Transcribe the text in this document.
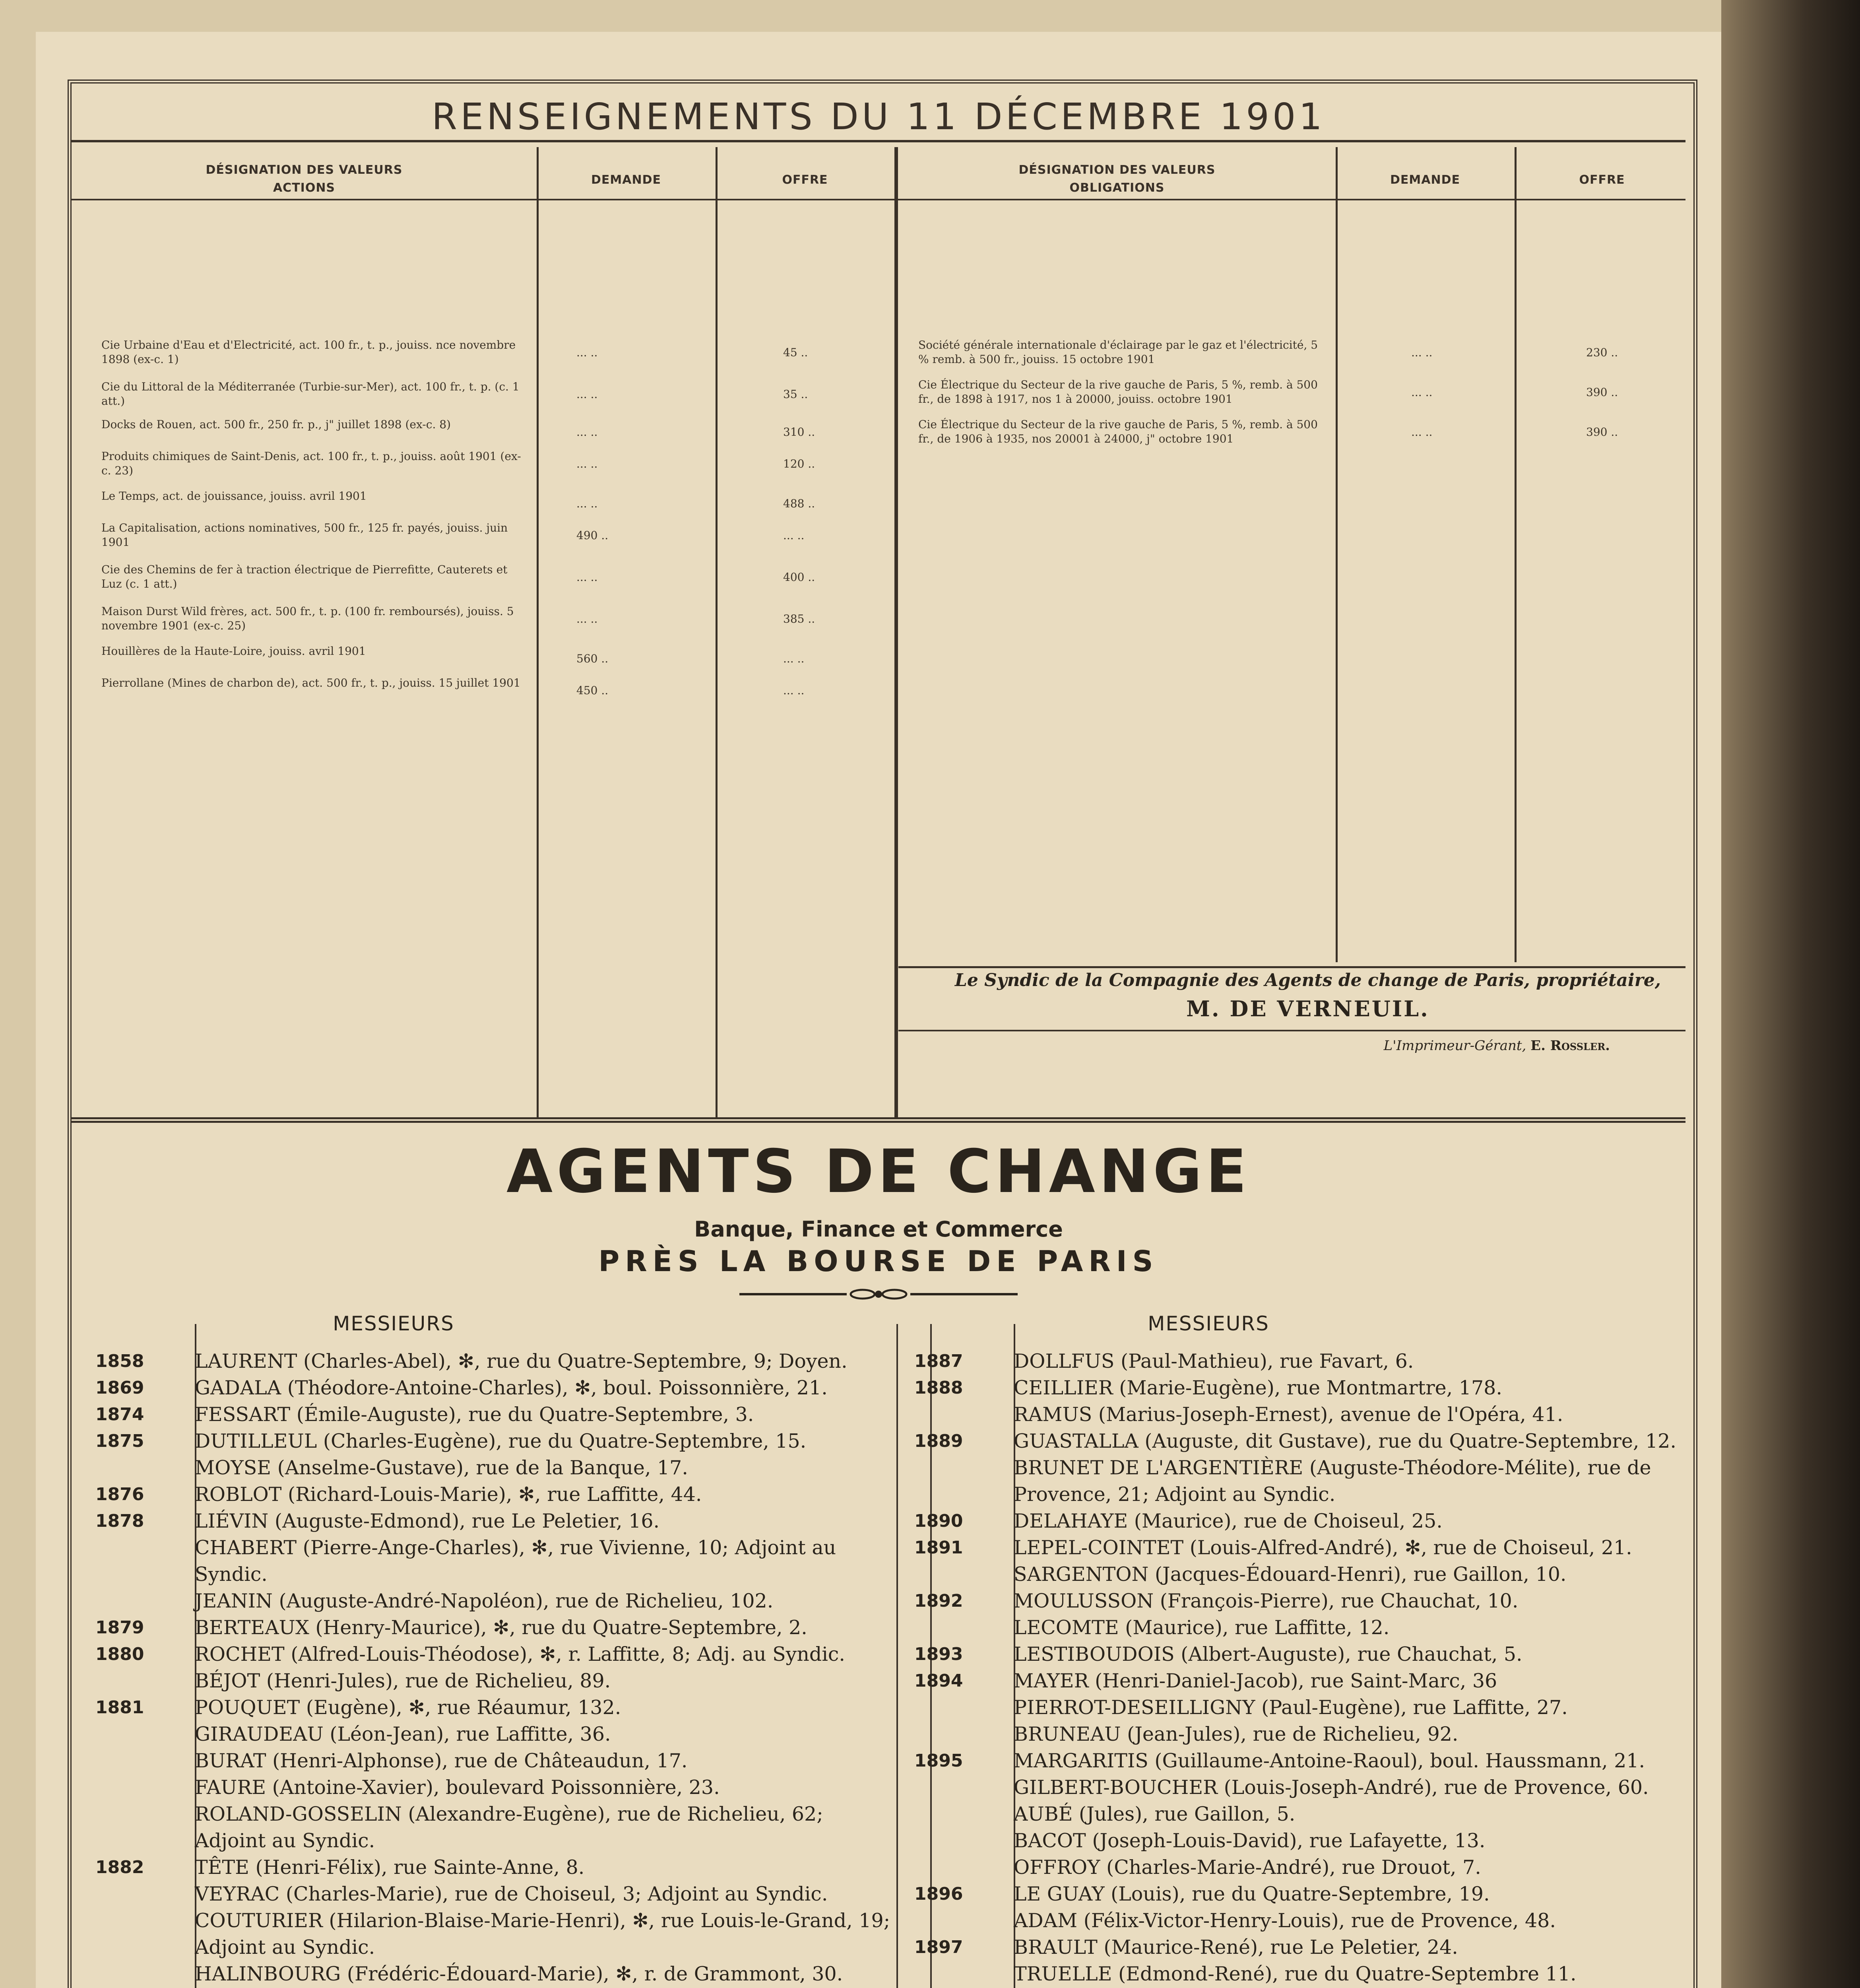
RENSEIGNEMENTS DU 11 DÉCEMBRE 1901
DÉSIGNATION DES VALEURS
ACTIONS
DEMANDE	OFFRE
Cie Urbaine d'Eau et d'Electricité, act. 100 fr., t. p., jouiss. nce novembre 1898 (ex-c. 1)
... ..	45 ..
Cie du Littoral de la Méditerranée (Turbie-sur-Mer), act. 100 fr., t. p. (c. 1 att.)
... ..	35 ..
Docks de Rouen, act. 500 fr., 250 fr. p., j" juillet 1898 (ex-c. 8)
... ..	310 ..
Produits chimiques de Saint-Denis, act. 100 fr., t. p., jouiss. août 1901 (ex-c. 23)
... ..	120 ..
Le Temps, act. de jouissance, jouiss. avril 1901
... ..	488 ..
La Capitalisation, actions nominatives, 500 fr., 125 fr. payés, jouiss. juin 1901
490 ..	... ..
Cie des Chemins de fer à traction électrique de Pierrefitte, Cauterets et Luz (c. 1 att.)
... ..	400 ..
Maison Durst Wild frères, act. 500 fr., t. p. (100 fr. remboursés), jouiss. 5 novembre 1901 (ex-c. 25)
... ..	385 ..
Houillères de la Haute-Loire, jouiss. avril 1901
560 ..	... ..
Pierrollane (Mines de charbon de), act. 500 fr., t. p., jouiss. 15 juillet 1901
450 ..	... ..
DÉSIGNATION DES VALEURS
OBLIGATIONS
DEMANDE	OFFRE
Société générale internationale d'éclairage par le gaz et l'électricité, 5 % remb. à 500 fr., jouiss. 15 octobre 1901
... ..	230 ..
Cie Électrique du Secteur de la rive gauche de Paris, 5 %, remb. à 500 fr., de 1898 à 1917, nos 1 à 20000, jouiss. octobre 1901
... ..	390 ..
Cie Électrique du Secteur de la rive gauche de Paris, 5 %, remb. à 500 fr., de 1906 à 1935, nos 20001 à 24000, j" octobre 1901
... ..	390 ..
Le Syndic de la Compagnie des Agents de change de Paris, propriétaire,
M. DE VERNEUIL.
L'Imprimeur-Gérant, E. Rossler.
AGENTS DE CHANGE
Banque, Finance et Commerce
PRÈS LA BOURSE DE PARIS
MESSIEURS	MESSIEURS
1858	LAURENT (Charles-Abel), ✻, rue du Quatre-Septembre, 9; Doyen.
1869	GADALA (Théodore-Antoine-Charles), ✻, boul. Poissonnière, 21.
1874	FESSART (Émile-Auguste), rue du Quatre-Septembre, 3.
1875	DUTILLEUL (Charles-Eugène), rue du Quatre-Septembre, 15.
MOYSE (Anselme-Gustave), rue de la Banque, 17.
1876	ROBLOT (Richard-Louis-Marie), ✻, rue Laffitte, 44.
1878	LIÉVIN (Auguste-Edmond), rue Le Peletier, 16.
CHABERT (Pierre-Ange-Charles), ✻, rue Vivienne, 10; Adjoint au Syndic.
JEANIN (Auguste-André-Napoléon), rue de Richelieu, 102.
1879	BERTEAUX (Henry-Maurice), ✻, rue du Quatre-Septembre, 2.
1880	ROCHET (Alfred-Louis-Théodose), ✻, r. Laffitte, 8; Adj. au Syndic.
BÉJOT (Henri-Jules), rue de Richelieu, 89.
1881	POUQUET (Eugène), ✻, rue Réaumur, 132.
GIRAUDEAU (Léon-Jean), rue Laffitte, 36.
BURAT (Henri-Alphonse), rue de Châteaudun, 17.
FAURE (Antoine-Xavier), boulevard Poissonnière, 23.
ROLAND-GOSSELIN (Alexandre-Eugène), rue de Richelieu, 62; Adjoint au Syndic.
1882	TÊTE (Henri-Félix), rue Sainte-Anne, 8.
VEYRAC (Charles-Marie), rue de Choiseul, 3; Adjoint au Syndic.
COUTURIER (Hilarion-Blaise-Marie-Henri), ✻, rue Louis-le-Grand, 19; Adjoint au Syndic.
HALINBOURG (Frédéric-Édouard-Marie), ✻, r. de Grammont, 30.
1887	DOLLFUS (Paul-Mathieu), rue Favart, 6.
1888	CEILLIER (Marie-Eugène), rue Montmartre, 178.
RAMUS (Marius-Joseph-Ernest), avenue de l'Opéra, 41.
1889	GUASTALLA (Auguste, dit Gustave), rue du Quatre-Septembre, 12.
BRUNET DE L'ARGENTIÈRE (Auguste-Théodore-Mélite), rue de Provence, 21; Adjoint au Syndic.
1890	DELAHAYE (Maurice), rue de Choiseul, 25.
1891	LEPEL-COINTET (Louis-Alfred-André), ✻, rue de Choiseul, 21.
SARGENTON (Jacques-Édouard-Henri), rue Gaillon, 10.
1892	MOULUSSON (François-Pierre), rue Chauchat, 10.
LECOMTE (Maurice), rue Laffitte, 12.
1893	LESTIBOUDOIS (Albert-Auguste), rue Chauchat, 5.
1894	MAYER (Henri-Daniel-Jacob), rue Saint-Marc, 36
PIERROT-DESEILLIGNY (Paul-Eugène), rue Laffitte, 27.
BRUNEAU (Jean-Jules), rue de Richelieu, 92.
1895	MARGARITIS (Guillaume-Antoine-Raoul), boul. Haussmann, 21.
GILBERT-BOUCHER (Louis-Joseph-André), rue de Provence, 60.
AUBÉ (Jules), rue Gaillon, 5.
BACOT (Joseph-Louis-David), rue Lafayette, 13.
OFFROY (Charles-Marie-André), rue Drouot, 7.
1896	LE GUAY (Louis), rue du Quatre-Septembre, 19.
ADAM (Félix-Victor-Henry-Louis), rue de Provence, 48.
1897	BRAULT (Maurice-René), rue Le Peletier, 24.
TRUELLE (Edmond-René), rue du Quatre-Septembre 11.
